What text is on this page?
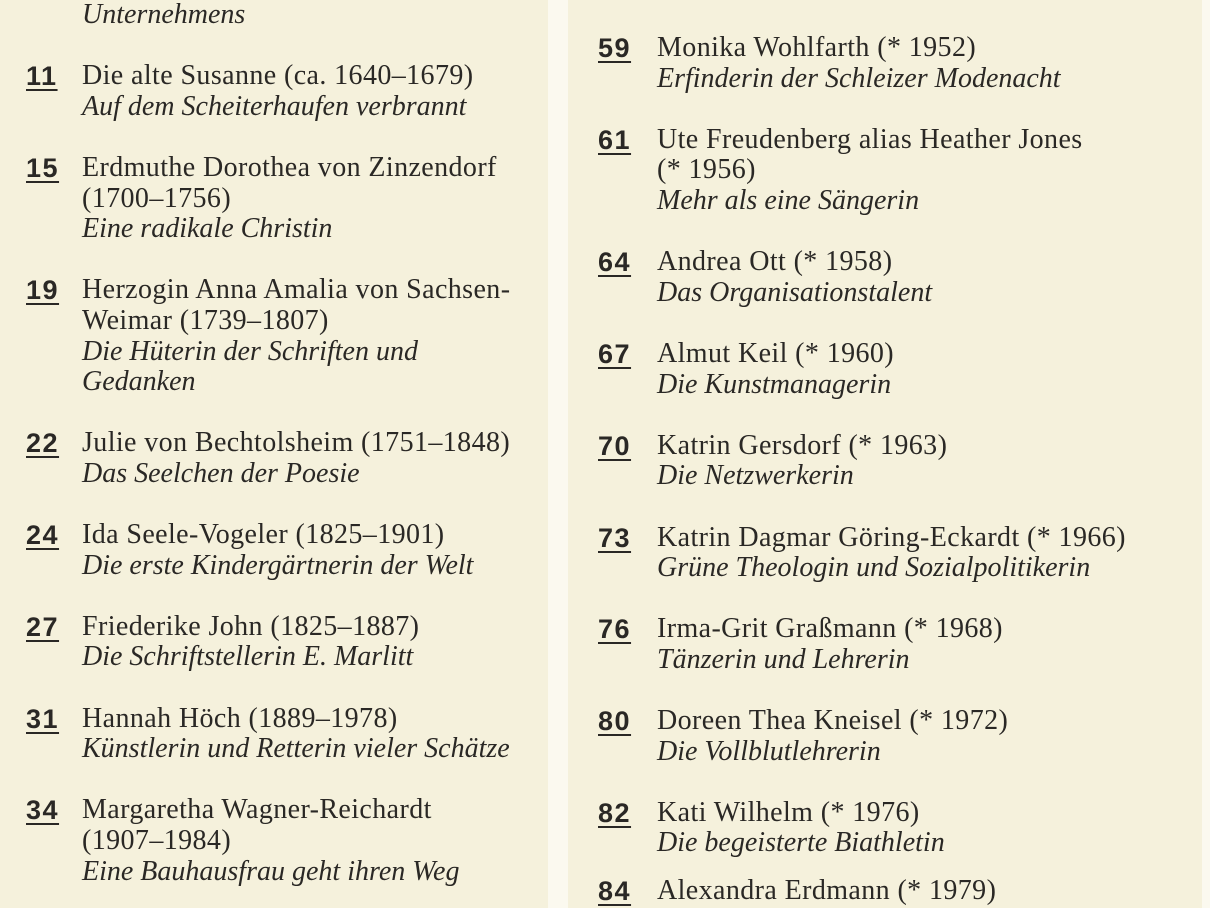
Unternehmens
11 Die alte Susanne (ca. 1640–1679)
Auf dem Scheiterhaufen verbrannt
15 Erdmuthe Dorothea von Zinzendorf
(1700–1756)
Eine radikale Christin
19 Herzogin Anna Amalia von Sachsen-
Weimar (1739–1807)
Die Hüterin der Schriften und
Gedanken
22 Julie von Bechtolsheim (1751–1848)
Das Seelchen der Poesie
24 Ida Seele-Vogeler (1825–1901)
Die erste Kindergärtnerin der Welt
27 Friederike John (1825–1887)
Die Schriftstellerin E. Marlitt
31 Hannah Höch (1889–1978)
Künstlerin und Retterin vieler Schätze
34 Margaretha Wagner-Reichardt
(1907–1984)
Eine Bauhausfrau geht ihren Weg
59 Monika Wohlfarth (* 1952)
Erfinderin der Schleizer Modenacht
61 Ute Freudenberg alias Heather Jones
(* 1956)
Mehr als eine Sängerin
64 Andrea Ott (* 1958)
Das Organisationstalent
67 Almut Keil (* 1960)
Die Kunstmanagerin
70 Katrin Gersdorf (* 1963)
Die Netzwerkerin
73 Katrin Dagmar Göring-Eckardt (* 1966)
Grüne Theologin und Sozialpolitikerin
76 Irma-Grit Graßmann (* 1968)
Tänzerin und Lehrerin
80 Doreen Thea Kneisel (* 1972)
Die Vollblutlehrerin
82 Kati Wilhelm (* 1976)
Die begeisterte Biathletin
84 Alexandra Erdmann (* 1979)
